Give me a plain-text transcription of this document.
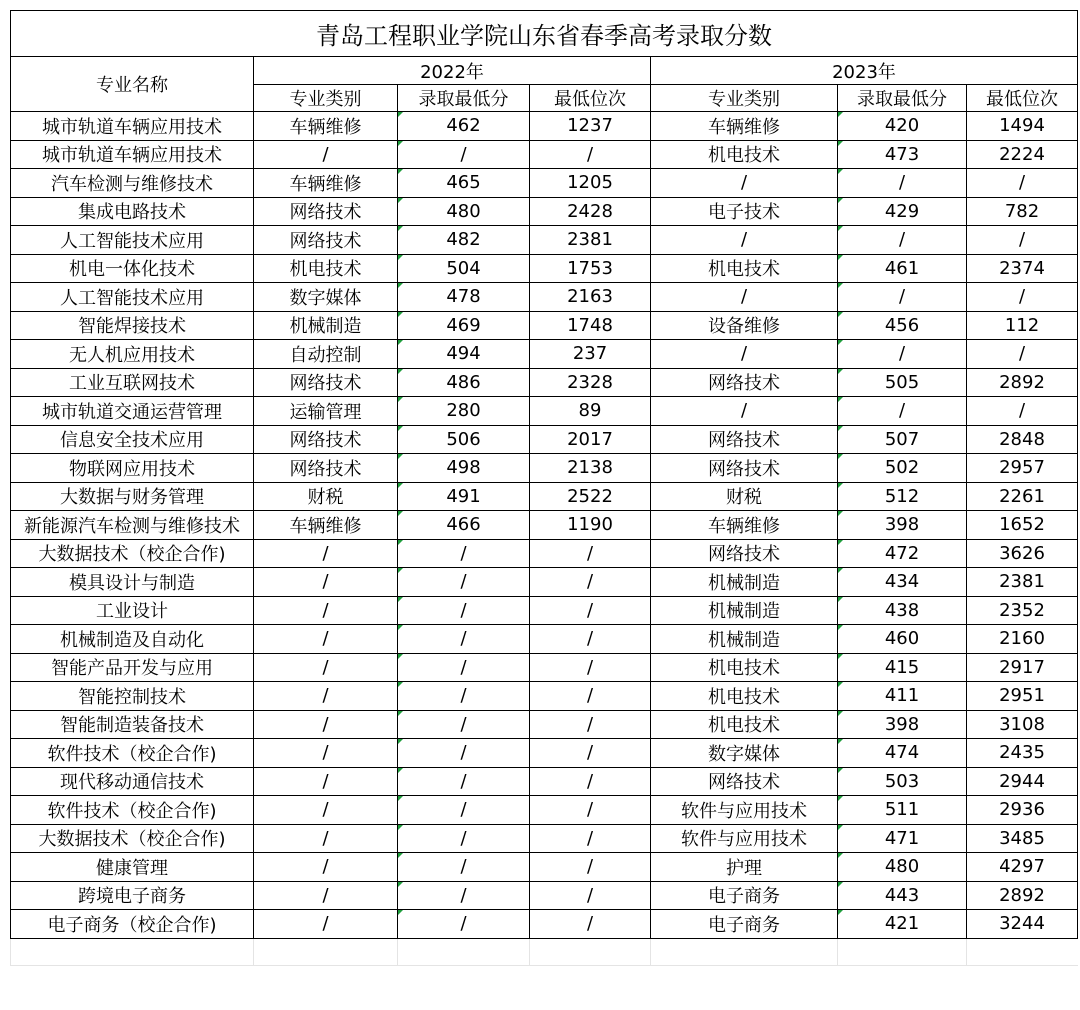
青岛工程职业学院山东省春季高考录取分数						
专业名称	2022年			2023年		
	专业类别	录取最低分	最低位次	专业类别	录取最低分	最低位次
城市轨道车辆应用技术	车辆维修	462	1237	车辆维修	420	1494
城市轨道车辆应用技术	/	/	/	机电技术	473	2224
汽车检测与维修技术	车辆维修	465	1205	/	/	/
集成电路技术	网络技术	480	2428	电子技术	429	782
人工智能技术应用	网络技术	482	2381	/	/	/
机电一体化技术	机电技术	504	1753	机电技术	461	2374
人工智能技术应用	数字媒体	478	2163	/	/	/
智能焊接技术	机械制造	469	1748	设备维修	456	112
无人机应用技术	自动控制	494	237	/	/	/
工业互联网技术	网络技术	486	2328	网络技术	505	2892
城市轨道交通运营管理	运输管理	280	89	/	/	/
信息安全技术应用	网络技术	506	2017	网络技术	507	2848
物联网应用技术	网络技术	498	2138	网络技术	502	2957
大数据与财务管理	财税	491	2522	财税	512	2261
新能源汽车检测与维修技术	车辆维修	466	1190	车辆维修	398	1652
大数据技术（校企合作)	/	/	/	网络技术	472	3626
模具设计与制造	/	/	/	机械制造	434	2381
工业设计	/	/	/	机械制造	438	2352
机械制造及自动化	/	/	/	机械制造	460	2160
智能产品开发与应用	/	/	/	机电技术	415	2917
智能控制技术	/	/	/	机电技术	411	2951
智能制造装备技术	/	/	/	机电技术	398	3108
软件技术（校企合作)	/	/	/	数字媒体	474	2435
现代移动通信技术	/	/	/	网络技术	503	2944
软件技术（校企合作)	/	/	/	软件与应用技术	511	2936
大数据技术（校企合作)	/	/	/	软件与应用技术	471	3485
健康管理	/	/	/	护理	480	4297
跨境电子商务	/	/	/	电子商务	443	2892
电子商务（校企合作)	/	/	/	电子商务	421	3244
